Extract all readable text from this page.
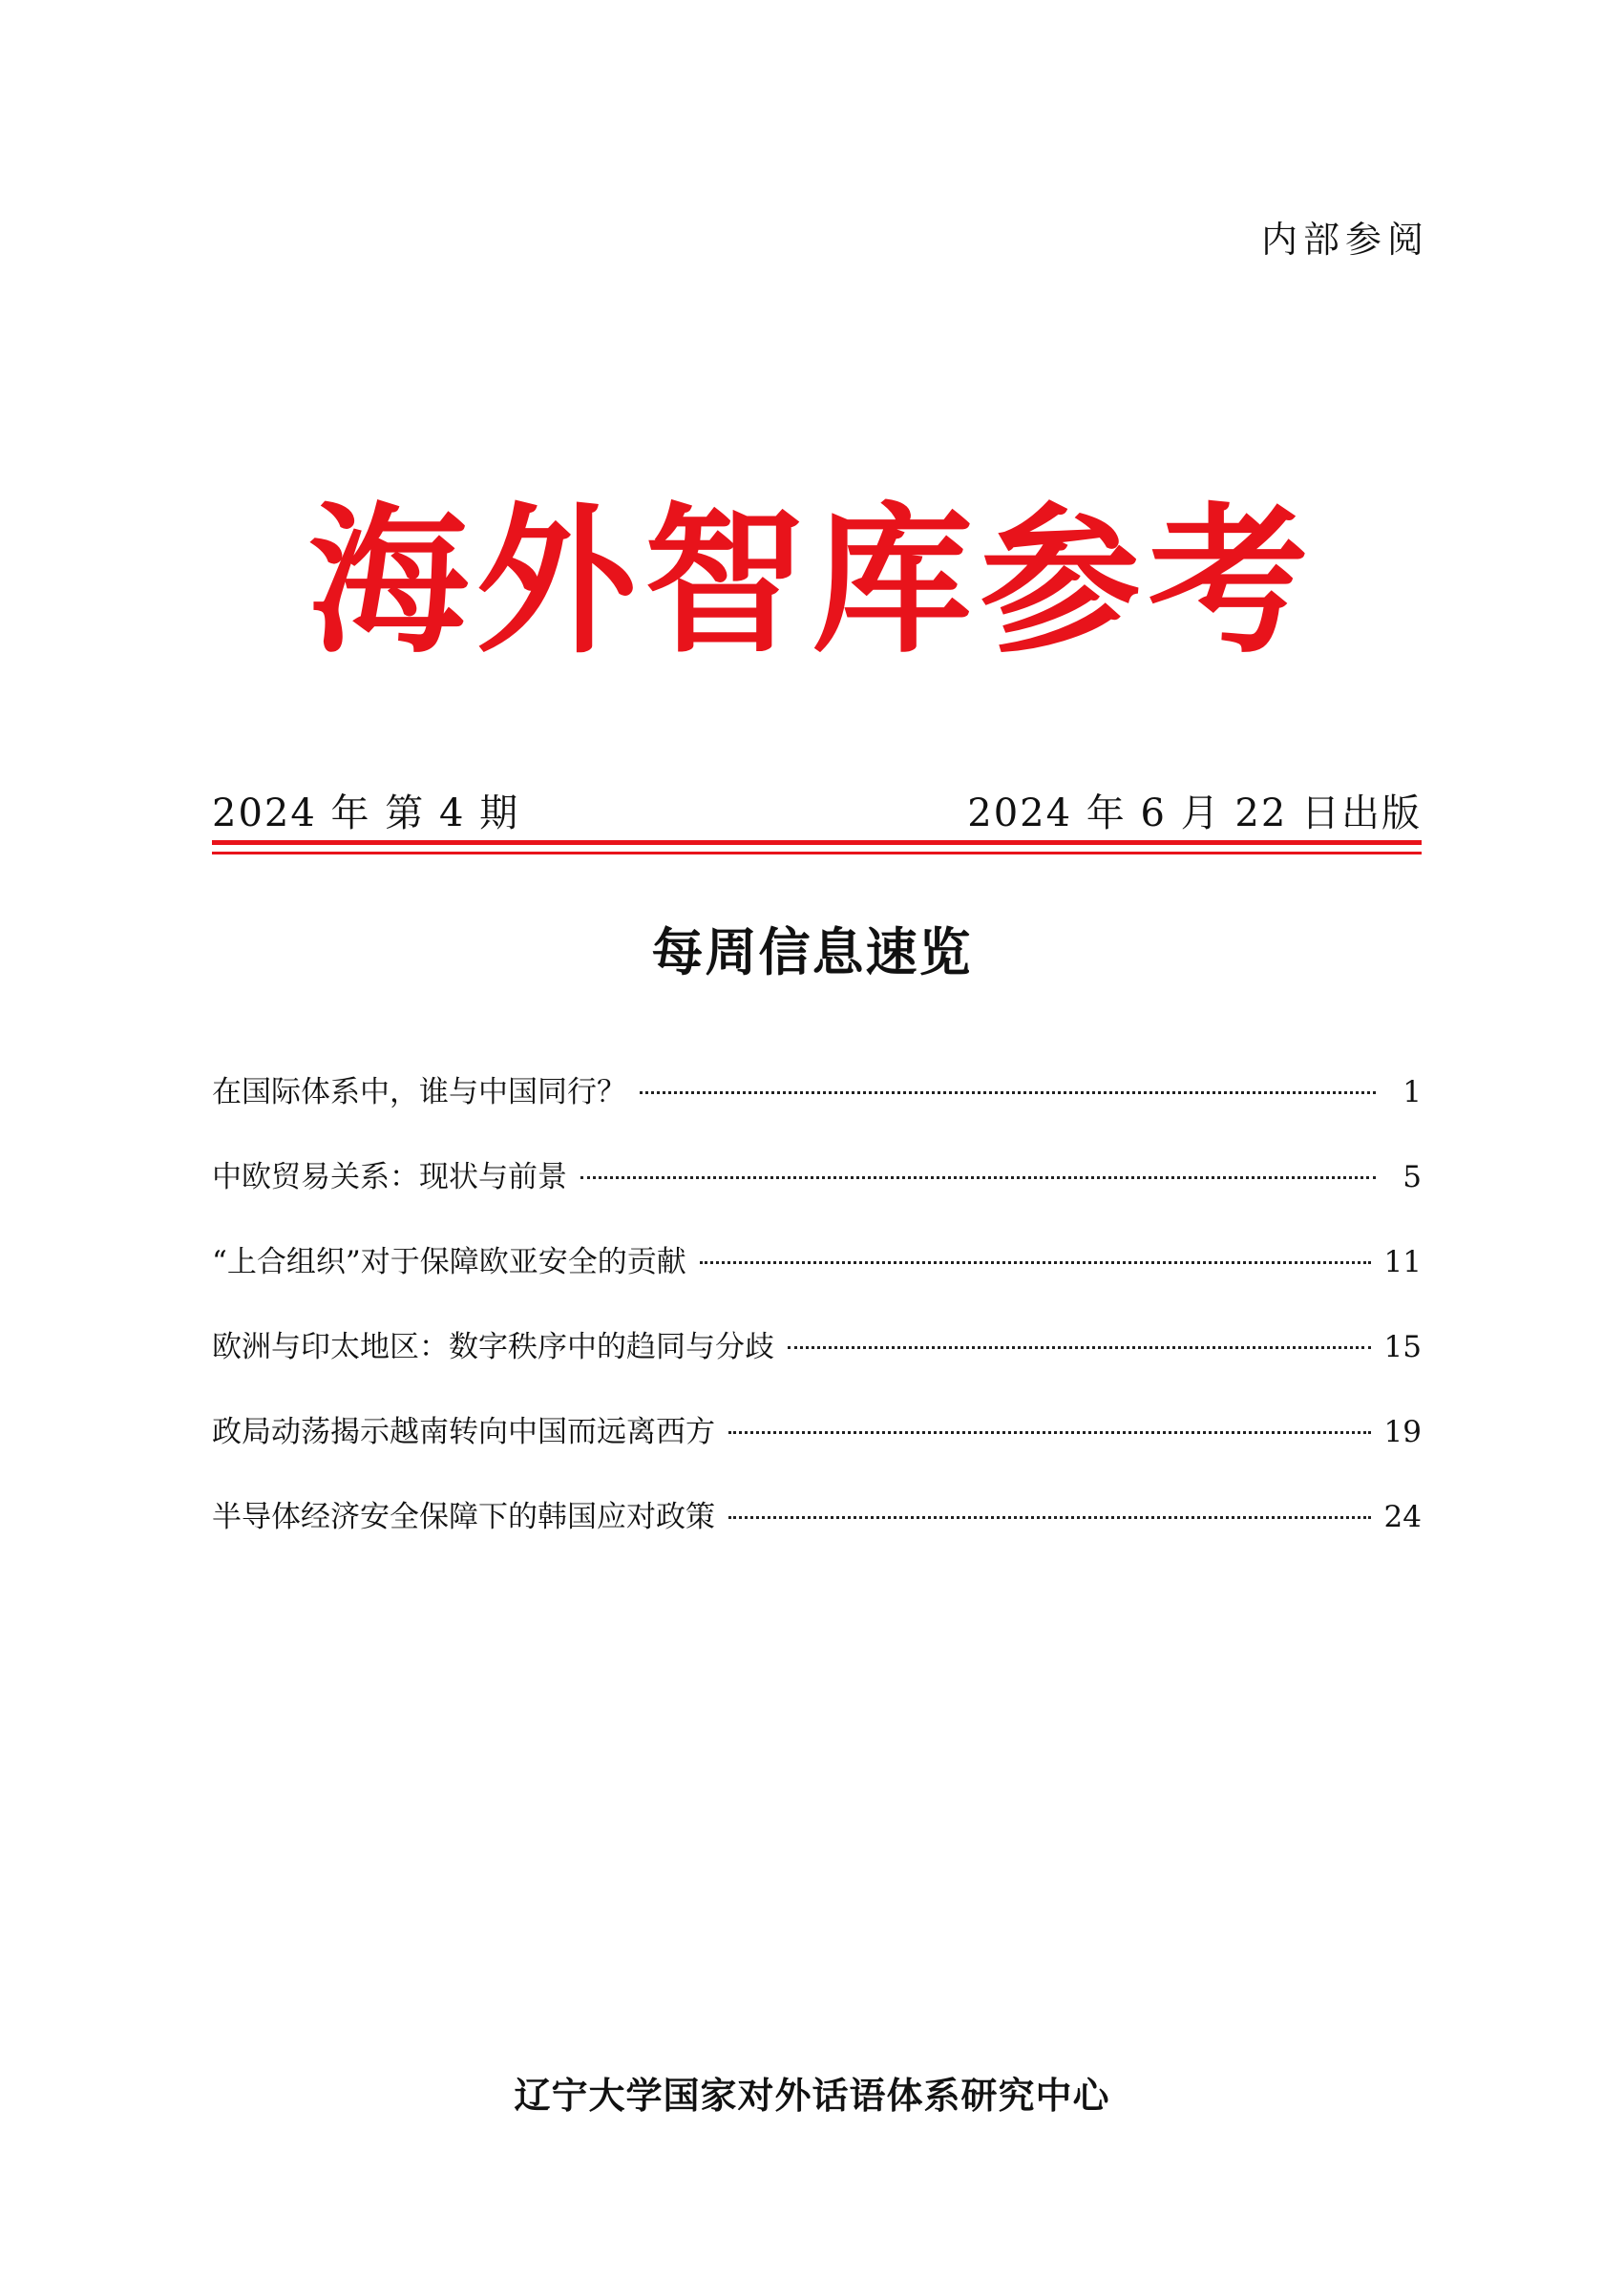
内部参阅
海外智库参考
2024 年 第 4 期	2024 年 6 月 22 日出版
每周信息速览
在国际体系中，谁与中国同行？	1
中欧贸易关系：现状与前景	5
“上合组织”对于保障欧亚安全的贡献	11
欧洲与印太地区：数字秩序中的趋同与分歧	15
政局动荡揭示越南转向中国而远离西方	19
半导体经济安全保障下的韩国应对政策	24
辽宁大学国家对外话语体系研究中心
